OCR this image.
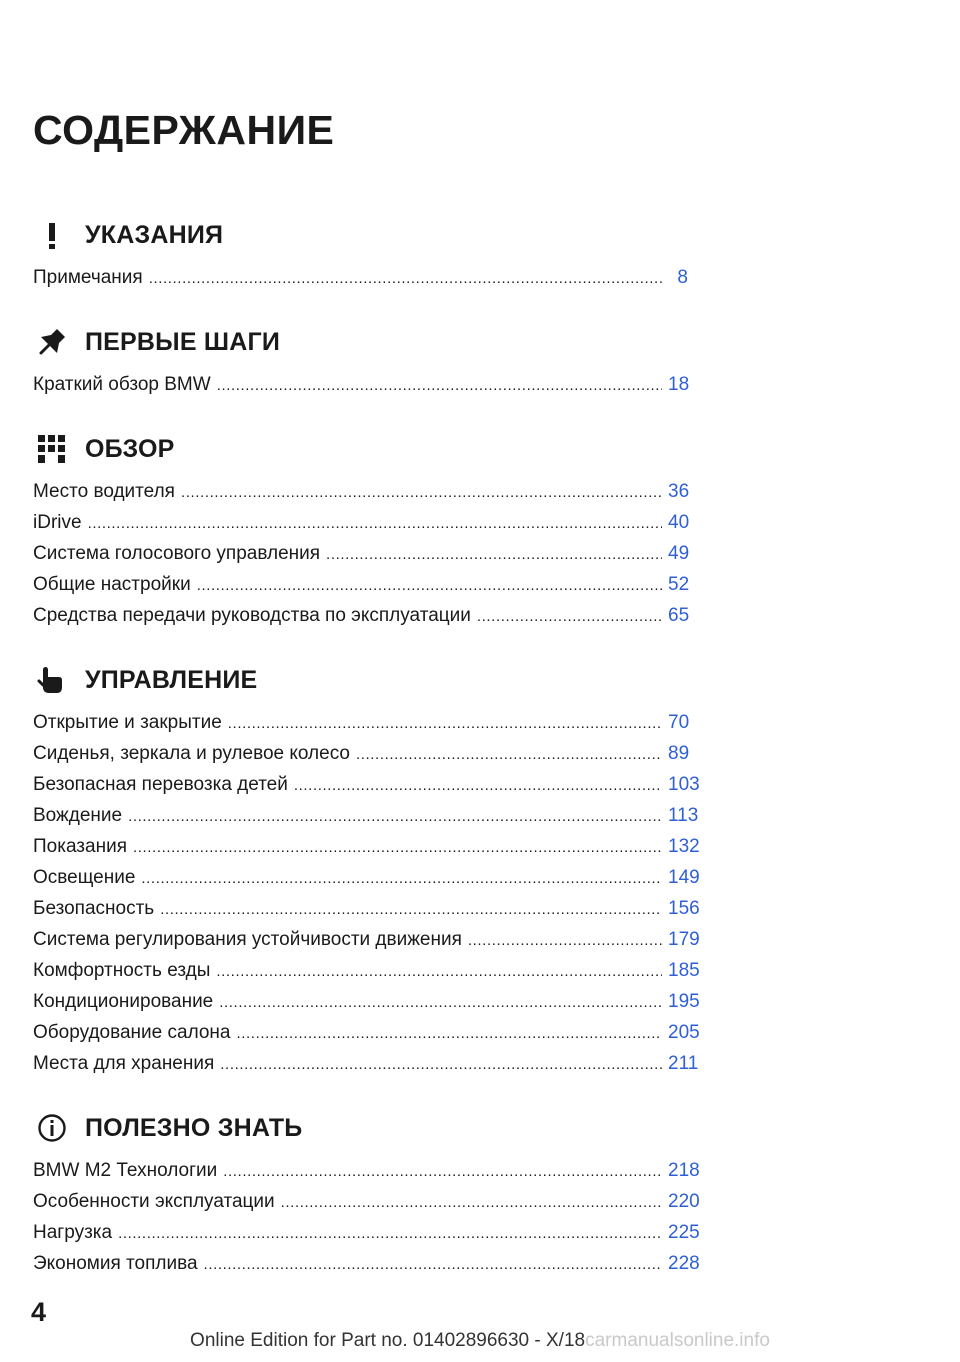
СОДЕРЖАНИЕ
УКАЗАНИЯ
Примечания .....	8
ПЕРВЫЕ ШАГИ
Краткий обзор BMW .....	18
ОБЗОР
Место водителя .....	36
iDrive .....	40
Система голосового управления .....	49
Общие настройки .....	52
Средства передачи руководства по эксплуатации .....	65
УПРАВЛЕНИЕ
Открытие и закрытие .....	70
Сиденья, зеркала и рулевое колесо .....	89
Безопасная перевозка детей .....	103
Вождение .....	113
Показания .....	132
Освещение .....	149
Безопасность .....	156
Система регулирования устойчивости движения .....	179
Комфортность езды .....	185
Кондиционирование .....	195
Оборудование салона .....	205
Места для хранения .....	211
ПОЛЕЗНО ЗНАТЬ
BMW M2 Технологии .....	218
Особенности эксплуатации .....	220
Нагрузка .....	225
Экономия топлива .....	228
4
Online Edition for Part no. 01402896630 - X/18carmanualsonline.info
